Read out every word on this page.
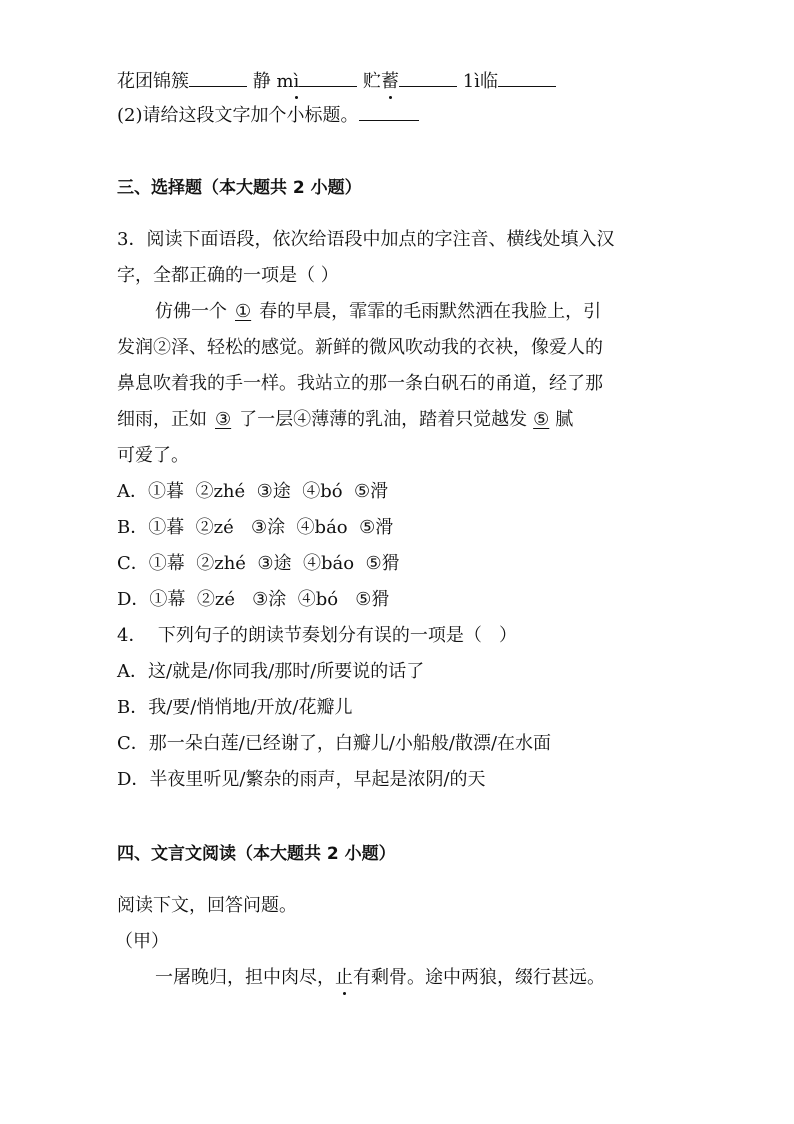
花团锦簇	静 mì	贮蓄	1ì临
(2)请给这段文字加个小标题。
三、选择题（本大题共 2 小题）
3．阅读下面语段，依次给语段中加点的字注音、横线处填入汉
字，全都正确的一项是（ ）
仿佛一个 ① 春的早晨，霏霏的毛雨默然洒在我脸上，引
发润②泽、轻松的感觉。新鲜的微风吹动我的衣袂，像爱人的
鼻息吹着我的手一样。我站立的那一条白矾石的甬道，经了那
细雨，正如 ③ 了一层④薄薄的乳油，踏着只觉越发 ⑤ 腻
可爱了。
A．①暮  ②zhé  ③途  ④bó  ⑤滑
B．①暮  ②zé   ③涂  ④báo  ⑤滑
C．①幕  ②zhé  ③途  ④báo  ⑤猾
D．①幕  ②zé   ③涂  ④bó   ⑤猾
4．  下列句子的朗读节奏划分有误的一项是（   ）
A．这/就是/你同我/那时/所要说的话了
B．我/要/悄悄地/开放/花瓣儿
C．那一朵白莲/已经谢了，白瓣儿/小船般/散漂/在水面
D．半夜里听见/繁杂的雨声，早起是浓阴/的天
四、文言文阅读（本大题共 2 小题）
阅读下文，回答问题。
（甲）
一屠晚归，担中肉尽，止有剩骨。途中两狼，缀行甚远。
